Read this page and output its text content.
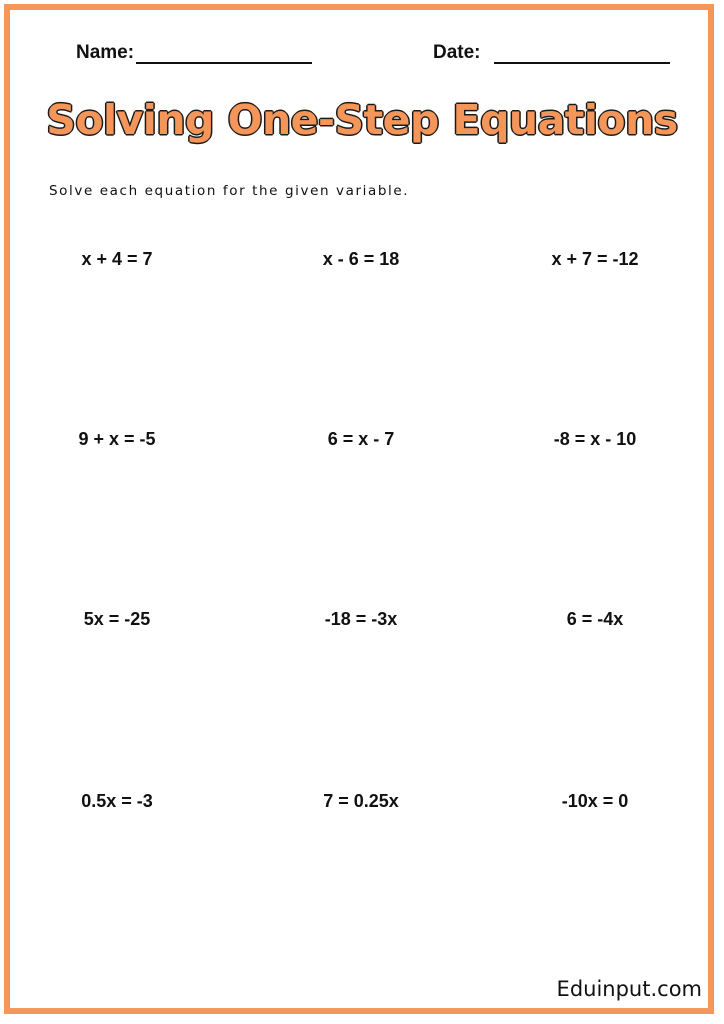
Name:	Date:
Solving One-Step Equations
Solve each equation for the given variable.
x + 4 = 7	x - 6 = 18	x + 7 = -12
9 + x = -5	6 = x - 7	-8 = x - 10
5x = -25	-18 = -3x	6 = -4x
0.5x = -3	7 = 0.25x	-10x = 0
Eduinput.com
